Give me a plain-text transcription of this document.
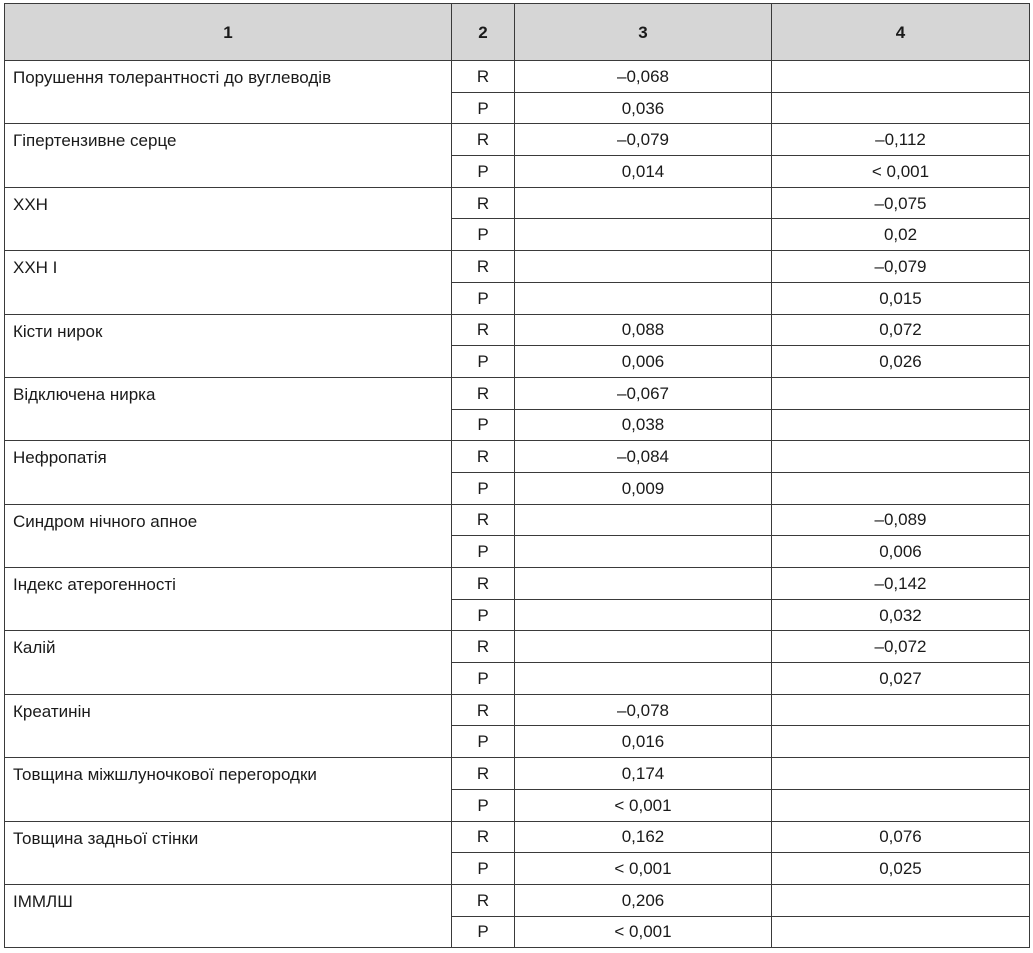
1	2	3	4
Порушення толерантності до вуглеводів	R	–0,068	
	P	0,036	
Гіпертензивне серце	R	–0,079	–0,112
	P	0,014	< 0,001
ХХН	R		–0,075
	P		0,02
ХХН І	R		–0,079
	P		0,015
Кісти нирок	R	0,088	0,072
	P	0,006	0,026
Відключена нирка	R	–0,067	
	P	0,038	
Нефропатія	R	–0,084	
	P	0,009	
Синдром нічного апное	R		–0,089
	P		0,006
Індекс атерогенності	R		–0,142
	P		0,032
Калій	R		–0,072
	P		0,027
Креатинін	R	–0,078	
	P	0,016	
Товщина міжшлуночкової перегородки	R	0,174	
	P	< 0,001	
Товщина задньої стінки	R	0,162	0,076
	P	< 0,001	0,025
ІММЛШ	R	0,206	
	P	< 0,001	
